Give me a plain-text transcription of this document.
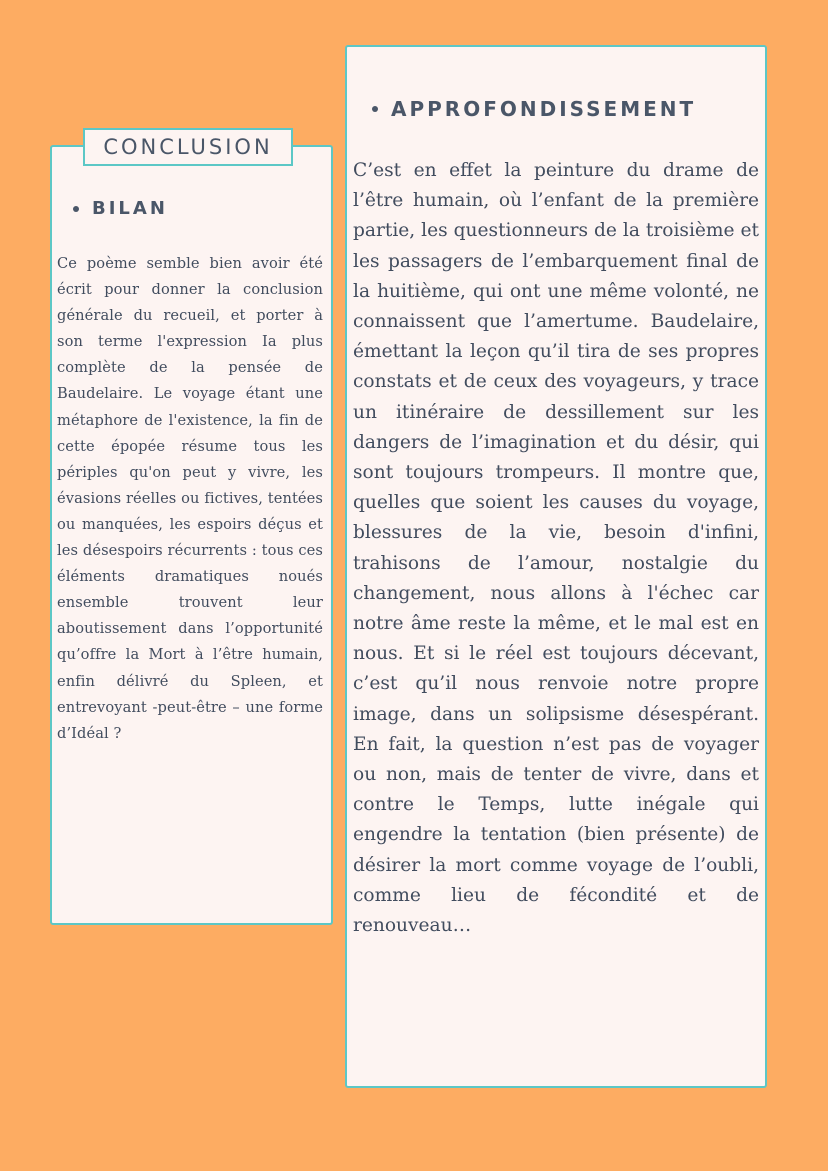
CONCLUSION
BILAN

Ce poème semble bien avoir été écrit pour donner la conclusion générale du recueil, et porter à son terme l'expression Ia plus complète de la pensée de Baudelaire. Le voyage étant une métaphore de l'existence, la fin de cette épopée résume tous les périples qu'on peut y vivre, les évasions réelles ou fictives, tentées ou manquées, les espoirs déçus et les désespoirs récurrents : tous ces éléments dramatiques noués ensemble trouvent leur aboutissement dans l’opportunité qu’offre la Mort à l’être humain, enfin délivré du Spleen, et entrevoyant -peut-être – une forme d’Idéal ?

APPROFONDISSEMENT

C’est en effet la peinture du drame de l’être humain, où l’enfant de la première partie, les questionneurs de la troisième et les passagers de l’embarquement final de la huitième, qui ont une même volonté, ne connaissent que l’amertume. Baudelaire, émettant la leçon qu’il tira de ses propres constats et de ceux des voyageurs, y trace un itinéraire de dessillement sur les dangers de l’imagination et du désir, qui sont toujours trompeurs. Il montre que, quelles que soient les causes du voyage, blessures de la vie, besoin d'infini, trahisons de l’amour, nostalgie du changement, nous allons à l'échec car notre âme reste la même, et le mal est en nous. Et si le réel est toujours décevant, c’est qu’il nous renvoie notre propre image, dans un solipsisme désespérant. En fait, la question n’est pas de voyager ou non, mais de tenter de vivre, dans et contre le Temps, lutte inégale qui engendre la tentation (bien présente) de désirer la mort comme voyage de l’oubli, comme lieu de fécondité et de renouveau…
